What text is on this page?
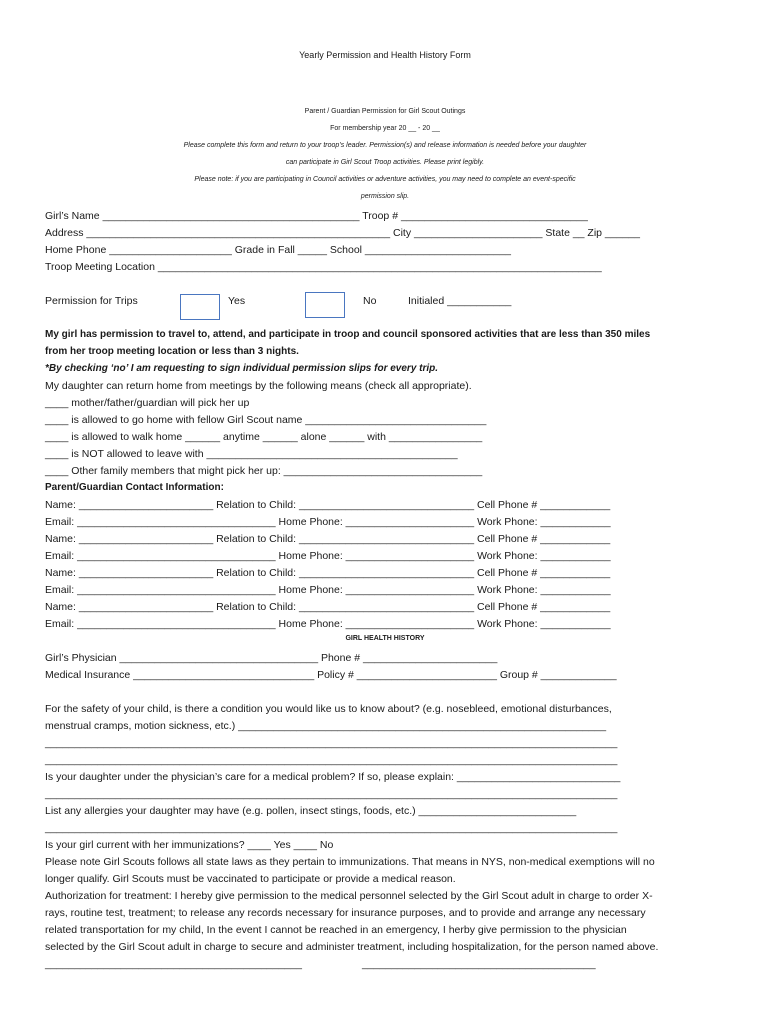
Yearly Permission and Health History Form
Parent / Guardian Permission for Girl Scout Outings
For membership year 20 __ - 20 __
Please complete this form and return to your troop’s leader. Permission(s) and release information is needed before your daughter
can participate in Girl Scout Troop activities. Please print legibly.
Please note: if you are participating in Council activities or adventure activities, you may need to complete an event-specific
permission slip.
Girl’s Name ____________________________________________ Troop # ________________________________
Address ____________________________________________________ City ______________________ State __ Zip ______
Home Phone _____________________ Grade in Fall _____ School _________________________
Troop Meeting Location ____________________________________________________________________________
Permission for Trips	Yes	No	Initialed ___________
My girl has permission to travel to, attend, and participate in troop and council sponsored activities that are less than 350 miles
from her troop meeting location or less than 3 nights.
*By checking ‘no’ I am requesting to sign individual permission slips for every trip.
My daughter can return home from meetings by the following means (check all appropriate).
____ mother/father/guardian will pick her up
____ is allowed to go home with fellow Girl Scout name _______________________________
____ is allowed to walk home ______ anytime ______ alone ______ with ________________
____ is NOT allowed to leave with ___________________________________________
____ Other family members that might pick her up: __________________________________
Parent/Guardian Contact Information:
Name: _______________________ Relation to Child: ______________________________ Cell Phone # ____________
Email: __________________________________ Home Phone: ______________________ Work Phone: ____________
Name: _______________________ Relation to Child: ______________________________ Cell Phone # ____________
Email: __________________________________ Home Phone: ______________________ Work Phone: ____________
Name: _______________________ Relation to Child: ______________________________ Cell Phone # ____________
Email: __________________________________ Home Phone: ______________________ Work Phone: ____________
Name: _______________________ Relation to Child: ______________________________ Cell Phone # ____________
Email: __________________________________ Home Phone: ______________________ Work Phone: ____________
GIRL HEALTH HISTORY
Girl’s Physician __________________________________ Phone # _______________________
Medical Insurance _______________________________ Policy # ________________________ Group # _____________
For the safety of your child, is there a condition you would like us to know about? (e.g. nosebleed, emotional disturbances,
menstrual cramps, motion sickness, etc.) _______________________________________________________________
__________________________________________________________________________________________________
__________________________________________________________________________________________________
Is your daughter under the physician’s care for a medical problem? If so, please explain: ____________________________
__________________________________________________________________________________________________
List any allergies your daughter may have (e.g. pollen, insect stings, foods, etc.) ___________________________
__________________________________________________________________________________________________
Is your girl current with her immunizations? ____ Yes ____ No
Please note Girl Scouts follows all state laws as they pertain to immunizations. That means in NYS, non-medical exemptions will no
longer qualify. Girl Scouts must be vaccinated to participate or provide a medical reason.
Authorization for treatment: I hereby give permission to the medical personnel selected by the Girl Scout adult in charge to order X-
rays, routine test, treatment; to release any records necessary for insurance purposes, and to provide and arrange any necessary
related transportation for my child, In the event I cannot be reached in an emergency, I herby give permission to the physician
selected by the Girl Scout adult in charge to secure and administer treatment, including hospitalization, for the person named above.
____________________________________________	________________________________________
